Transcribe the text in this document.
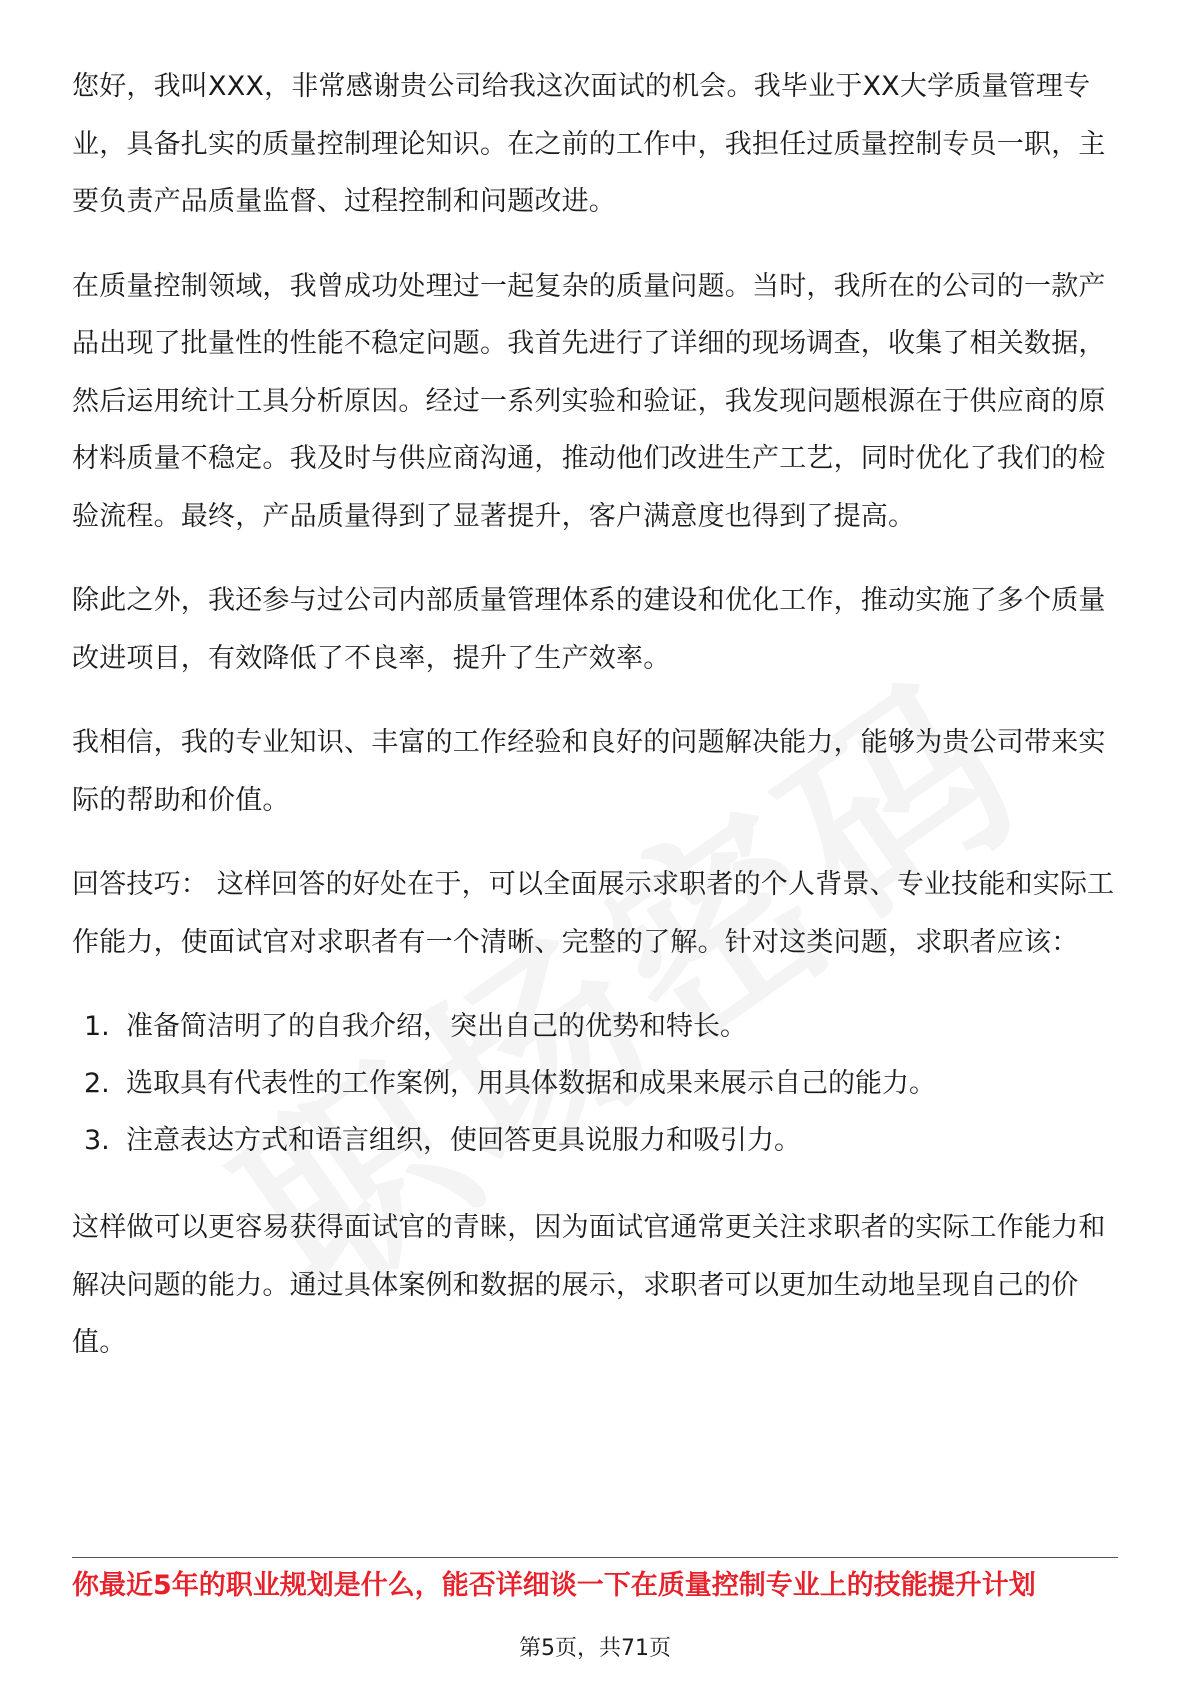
您好，我叫XXX，非常感谢贵公司给我这次面试的机会。我毕业于XX大学质量管理专业，具备扎实的质量控制理论知识。在之前的工作中，我担任过质量控制专员一职，主要负责产品质量监督、过程控制和问题改进。

在质量控制领域，我曾成功处理过一起复杂的质量问题。当时，我所在的公司的一款产品出现了批量性的性能不稳定问题。我首先进行了详细的现场调查，收集了相关数据，然后运用统计工具分析原因。经过一系列实验和验证，我发现问题根源在于供应商的原材料质量不稳定。我及时与供应商沟通，推动他们改进生产工艺，同时优化了我们的检验流程。最终，产品质量得到了显著提升，客户满意度也得到了提高。

除此之外，我还参与过公司内部质量管理体系的建设和优化工作，推动实施了多个质量改进项目，有效降低了不良率，提升了生产效率。

我相信，我的专业知识、丰富的工作经验和良好的问题解决能力，能够为贵公司带来实际的帮助和价值。

回答技巧： 这样回答的好处在于，可以全面展示求职者的个人背景、专业技能和实际工作能力，使面试官对求职者有一个清晰、完整的了解。针对这类问题，求职者应该：

1. 准备简洁明了的自我介绍，突出自己的优势和特长。
2. 选取具有代表性的工作案例，用具体数据和成果来展示自己的能力。
3. 注意表达方式和语言组织，使回答更具说服力和吸引力。

这样做可以更容易获得面试官的青睐，因为面试官通常更关注求职者的实际工作能力和解决问题的能力。通过具体案例和数据的展示，求职者可以更加生动地呈现自己的价值。

你最近5年的职业规划是什么，能否详细谈一下在质量控制专业上的技能提升计划
第5页，共71页
